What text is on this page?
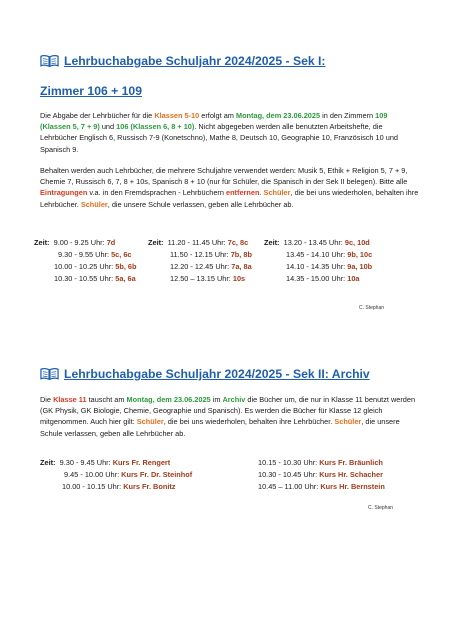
Lehrbuchabgabe Schuljahr 2024/2025 - Sek I:
Zimmer 106 + 109

Die Abgabe der Lehrbücher für die Klassen 5-10 erfolgt am Montag, dem 23.06.2025 in den Zimmern 109 (Klassen 5, 7 + 9) und 106 (Klassen 6, 8 + 10). Nicht abgegeben werden alle benutzten Arbeitshefte, die Lehrbücher Englisch 6, Russisch 7-9 (Konetschno), Mathe 8, Deutsch 10, Geographie 10, Französisch 10 und Spanisch 9.

Behalten werden auch Lehrbücher, die mehrere Schuljahre verwendet werden: Musik 5, Ethik + Religion 5, 7 + 9, Chemie 7, Russisch 6, 7, 8 + 10s, Spanisch 8 + 10 (nur für Schüler, die Spanisch in der Sek II belegen). Bitte alle Eintragungen v.a. in den Fremdsprachen - Lehrbüchern entfernen. Schüler, die bei uns wiederholen, behalten ihre Lehrbücher. Schüler, die unsere Schule verlassen, geben alle Lehrbücher ab.

Zeit: 9.00 - 9.25 Uhr: 7d
9.30 - 9.55 Uhr: 5c, 6c
10.00 - 10.25 Uhr: 5b, 6b
10.30 - 10.55 Uhr: 5a, 6a
Zeit: 11.20 - 11.45 Uhr: 7c, 8c
11.50 - 12.15 Uhr: 7b, 8b
12.20 - 12.45 Uhr: 7a, 8a
12.50 – 13.15 Uhr: 10s
Zeit: 13.20 - 13.45 Uhr: 9c, 10d
13.45 - 14.10 Uhr: 9b, 10c
14.10 - 14.35 Uhr: 9a, 10b
14.35 - 15.00 Uhr: 10a
C. Stephan
Lehrbuchabgabe Schuljahr 2024/2025 - Sek II: Archiv

Die Klasse 11 tauscht am Montag, dem 23.06.2025 im Archiv die Bücher um, die nur in Klasse 11 benutzt werden (GK Physik, GK Biologie, Chemie, Geographie und Spanisch). Es werden die Bücher für Klasse 12 gleich mitgenommen. Auch hier gilt: Schüler, die bei uns wiederholen, behalten ihre Lehrbücher. Schüler, die unsere Schule verlassen, geben alle Lehrbücher ab.

Zeit: 9.30 - 9.45 Uhr: Kurs Fr. Rengert
9.45 - 10.00 Uhr: Kurs Fr. Dr. Steinhof
10.00 - 10.15 Uhr: Kurs Fr. Bonitz
10.15 - 10.30 Uhr: Kurs Fr. Bräunlich
10.30 - 10.45 Uhr: Kurs Hr. Schacher
10.45 – 11.00 Uhr: Kurs Hr. Bernstein
C. Stephan
